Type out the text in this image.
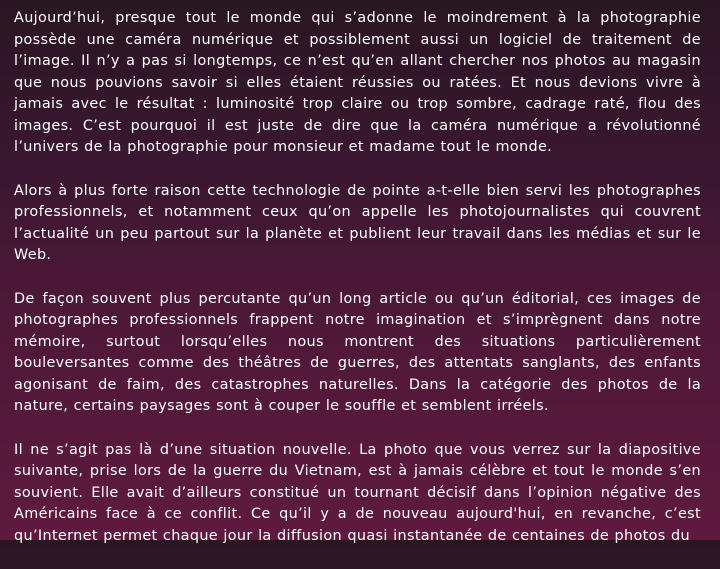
Aujourd’hui, presque tout le monde qui s’adonne le moindrement à la photographie possède une caméra numérique et possiblement aussi un logiciel de traitement de l’image. Il n’y a pas si longtemps, ce n’est qu’en allant chercher nos photos au magasin que nous pouvions savoir si elles étaient réussies ou ratées. Et nous devions vivre à jamais avec le résultat : luminosité trop claire ou trop sombre, cadrage raté, flou des images. C’est pourquoi il est juste de dire que la caméra numérique a révolutionné l’univers de la photographie pour monsieur et madame tout le monde.

Alors à plus forte raison cette technologie de pointe a-t-elle bien servi les photographes professionnels, et notamment ceux qu’on appelle les photojournalistes qui couvrent l’actualité un peu partout sur la planète et publient leur travail dans les médias et sur le Web.

De façon souvent plus percutante qu’un long article ou qu’un éditorial, ces images de photographes professionnels frappent notre imagination et s’imprègnent dans notre mémoire, surtout lorsqu’elles nous montrent des situations particulièrement bouleversantes comme des théâtres de guerres, des attentats sanglants, des enfants agonisant de faim, des catastrophes naturelles. Dans la catégorie des photos de la nature, certains paysages sont à couper le souffle et semblent irréels.

Il ne s’agit pas là d’une situation nouvelle. La photo que vous verrez sur la diapositive suivante, prise lors de la guerre du Vietnam, est à jamais célèbre et tout le monde s’en souvient. Elle avait d’ailleurs constitué un tournant décisif dans l’opinion négative des Américains face à ce conflit. Ce qu’il y a de nouveau aujourd'hui, en revanche, c’est qu’Internet permet chaque jour la diffusion quasi instantanée de centaines de photos du
